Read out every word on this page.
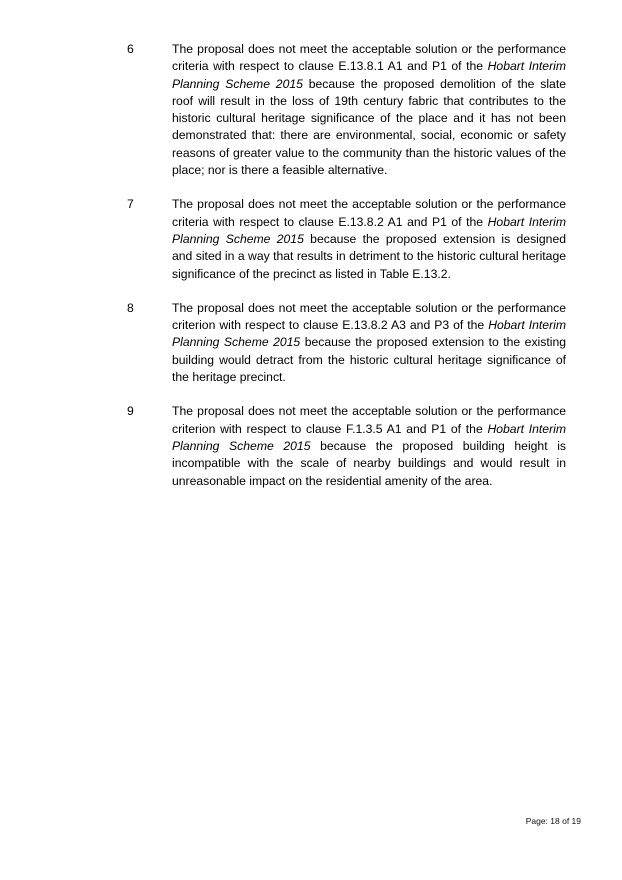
6	The proposal does not meet the acceptable solution or the performance criteria with respect to clause E.13.8.1 A1 and P1 of the Hobart Interim Planning Scheme 2015 because the proposed demolition of the slate roof will result in the loss of 19th century fabric that contributes to the historic cultural heritage significance of the place and it has not been demonstrated that: there are environmental, social, economic or safety reasons of greater value to the community than the historic values of the place; nor is there a feasible alternative.
7	The proposal does not meet the acceptable solution or the performance criteria with respect to clause E.13.8.2 A1 and P1 of the Hobart Interim Planning Scheme 2015 because the proposed extension is designed and sited in a way that results in detriment to the historic cultural heritage significance of the precinct as listed in Table E.13.2.
8	The proposal does not meet the acceptable solution or the performance criterion with respect to clause E.13.8.2 A3 and P3 of the Hobart Interim Planning Scheme 2015 because the proposed extension to the existing building would detract from the historic cultural heritage significance of the heritage precinct.
9	The proposal does not meet the acceptable solution or the performance criterion with respect to clause F.1.3.5 A1 and P1 of the Hobart Interim Planning Scheme 2015 because the proposed building height is incompatible with the scale of nearby buildings and would result in unreasonable impact on the residential amenity of the area.
Page: 18 of 19
